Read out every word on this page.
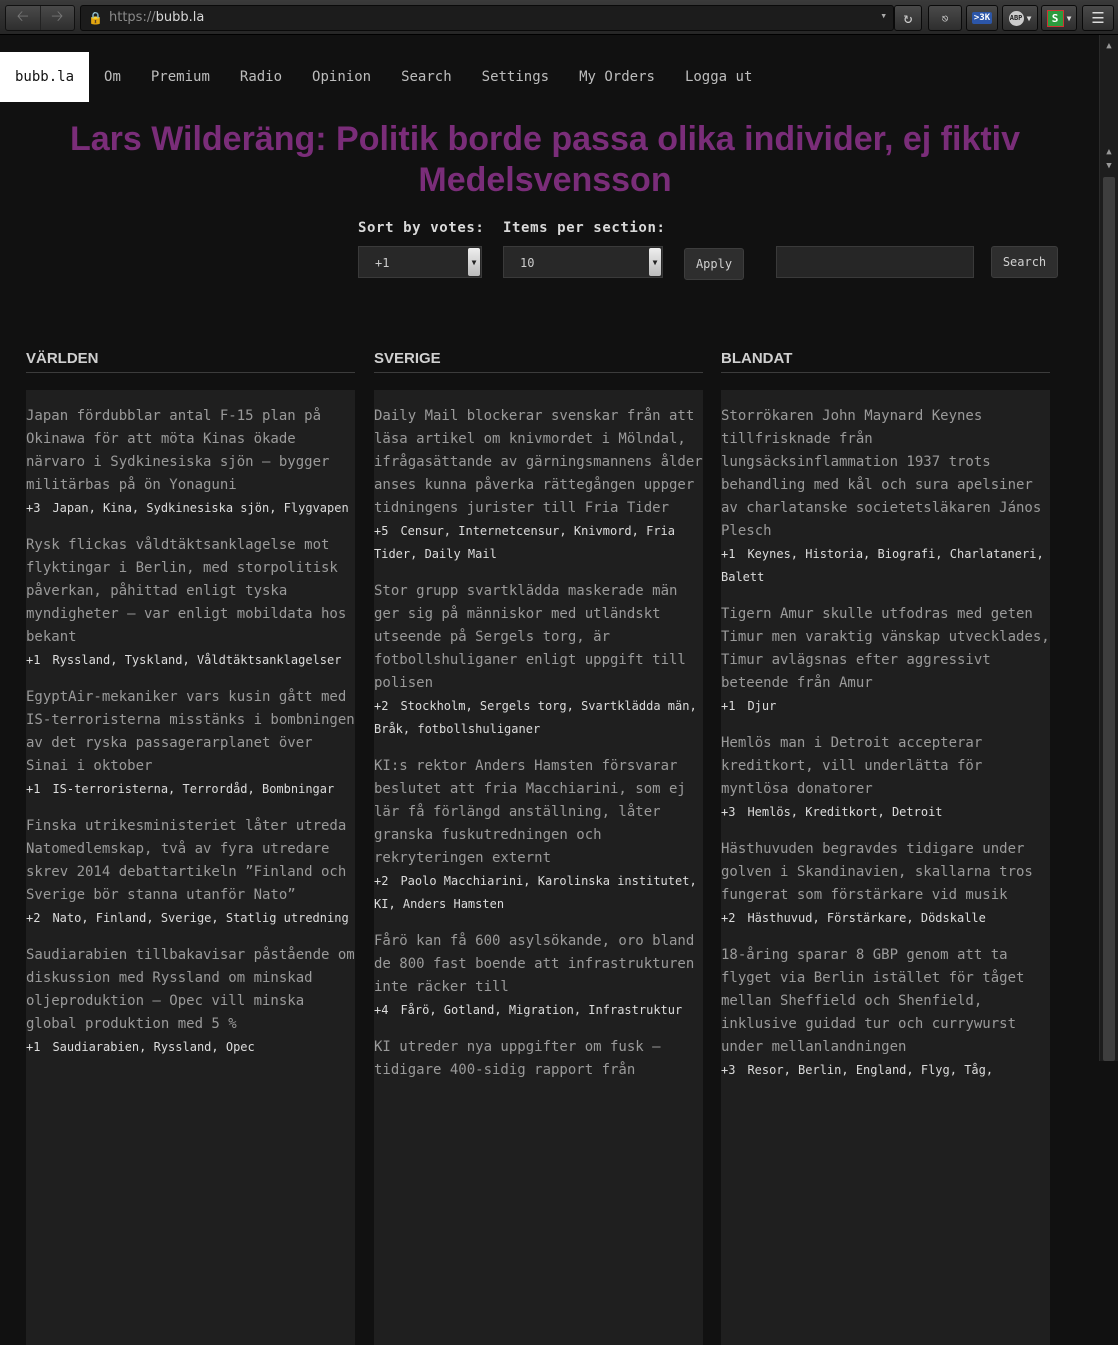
🡠	🡢	🔒 https://bubb.la	▾	↻	⎋	>3K	ABP ▼	S	▼	☰
bubb.la	Om	Premium	Radio	Opinion	Search	Settings	My Orders	Logga ut
Lars Wilderäng: Politik borde passa olika individer, ej fiktiv Medelsvensson
Sort by votes: Items per section:
+1	▼	10	▼	Apply	Search
VÄRLDEN
Japan fördubblar antal F-15 plan på Okinawa för att möta Kinas ökade närvaro i Sydkinesiska sjön – bygger militärbas på ön Yonaguni
+3 Japan, Kina, Sydkinesiska sjön, Flygvapen
Rysk flickas våldtäktsanklagelse mot flyktingar i Berlin, med storpolitisk påverkan, påhittad enligt tyska myndigheter – var enligt mobildata hos bekant
+1 Ryssland, Tyskland, Våldtäktsanklagelser
EgyptAir-mekaniker vars kusin gått med IS-terroristerna misstänks i bombningen av det ryska passagerarplanet över Sinai i oktober
+1 IS-terroristerna, Terrordåd, Bombningar
Finska utrikesministeriet låter utreda Natomedlemskap, två av fyra utredare skrev 2014 debattartikeln ”Finland och Sverige bör stanna utanför Nato”
+2 Nato, Finland, Sverige, Statlig utredning
Saudiarabien tillbakavisar påstående om diskussion med Ryssland om minskad oljeproduktion – Opec vill minska global produktion med 5 %
+1 Saudiarabien, Ryssland, Opec
SVERIGE
Daily Mail blockerar svenskar från att läsa artikel om knivmordet i Mölndal, ifrågasättande av gärningsmannens ålder anses kunna påverka rättegången uppger tidningens jurister till Fria Tider
+5 Censur, Internetcensur, Knivmord, Fria Tider, Daily Mail
Stor grupp svartklädda maskerade män ger sig på människor med utländskt utseende på Sergels torg, är fotbollshuliganer enligt uppgift till polisen
+2 Stockholm, Sergels torg, Svartklädda män, Bråk, fotbollshuliganer
KI:s rektor Anders Hamsten försvarar beslutet att fria Macchiarini, som ej lär få förlängd anställning, låter granska fuskutredningen och rekryteringen externt
+2 Paolo Macchiarini, Karolinska institutet, KI, Anders Hamsten
Fårö kan få 600 asylsökande, oro bland de 800 fast boende att infrastrukturen inte räcker till
+4 Fårö, Gotland, Migration, Infrastruktur
KI utreder nya uppgifter om fusk – tidigare 400-sidig rapport från
BLANDAT
Storrökaren John Maynard Keynes tillfrisknade från lungsäcksinflammation 1937 trots behandling med kål och sura apelsiner av charlatanske societetsläkaren János Plesch
+1 Keynes, Historia, Biografi, Charlataneri, Balett
Tigern Amur skulle utfodras med geten Timur men varaktig vänskap utvecklades, Timur avlägsnas efter aggressivt beteende från Amur
+1 Djur
Hemlös man i Detroit accepterar kreditkort, vill underlätta för myntlösa donatorer
+3 Hemlös, Kreditkort, Detroit
Hästhuvuden begravdes tidigare under golven i Skandinavien, skallarna tros fungerat som förstärkare vid musik
+2 Hästhuvud, Förstärkare, Dödskalle
18-åring sparar 8 GBP genom att ta flyget via Berlin istället för tåget mellan Sheffield och Shenfield, inklusive guidad tur och currywurst under mellanlandningen
+3 Resor, Berlin, England, Flyg, Tåg,
▲
▲
▼
